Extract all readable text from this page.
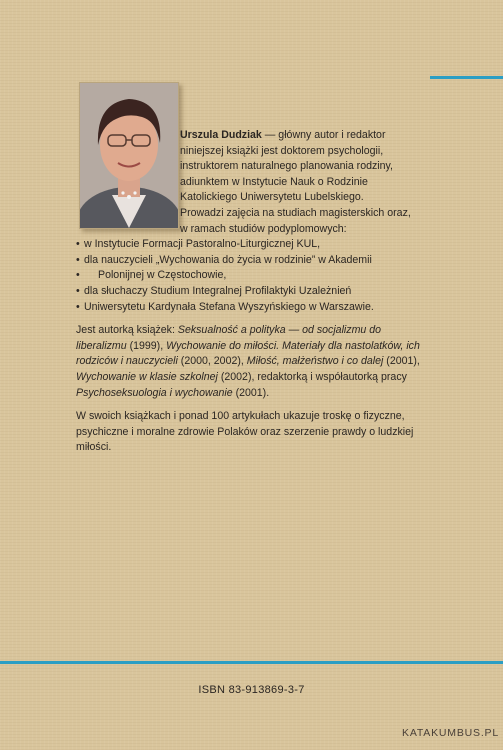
Urszula Dudziak — główny autor i redaktor niniejszej książki jest doktorem psychologii, instruktorem naturalnego planowania rodziny, adiunktem w Instytucie Nauk o Rodzinie Katolickiego Uniwersytetu Lubelskiego.

Prowadzi zajęcia na studiach magisterskich oraz, w ramach studiów podyplomowych:

• w Instytucie Formacji Pastoralno-Liturgicznej KUL,
• dla nauczycieli „Wychowania do życia w rodzinie” w Akademii
• Polonijnej w Częstochowie,
• dla słuchaczy Studium Integralnej Profilaktyki Uzależnień
• Uniwersytetu Kardynała Stefana Wyszyńskiego w Warszawie.

Jest autorką książek: Seksualność a polityka — od socjalizmu do liberalizmu (1999), Wychowanie do miłości. Materiały dla nastolatków, ich rodziców i nauczycieli (2000, 2002), Miłość, małżeństwo i co dalej (2001), Wychowanie w klasie szkolnej (2002), redaktorką i współautorką pracy Psychoseksuologia i wychowanie (2001).

W swoich książkach i ponad 100 artykułach ukazuje troskę o fizyczne, psychiczne i moralne zdrowie Polaków oraz szerzenie prawdy o ludzkiej miłości.

ISBN 83-913869-3-7
KATAKUMBUS.PL
